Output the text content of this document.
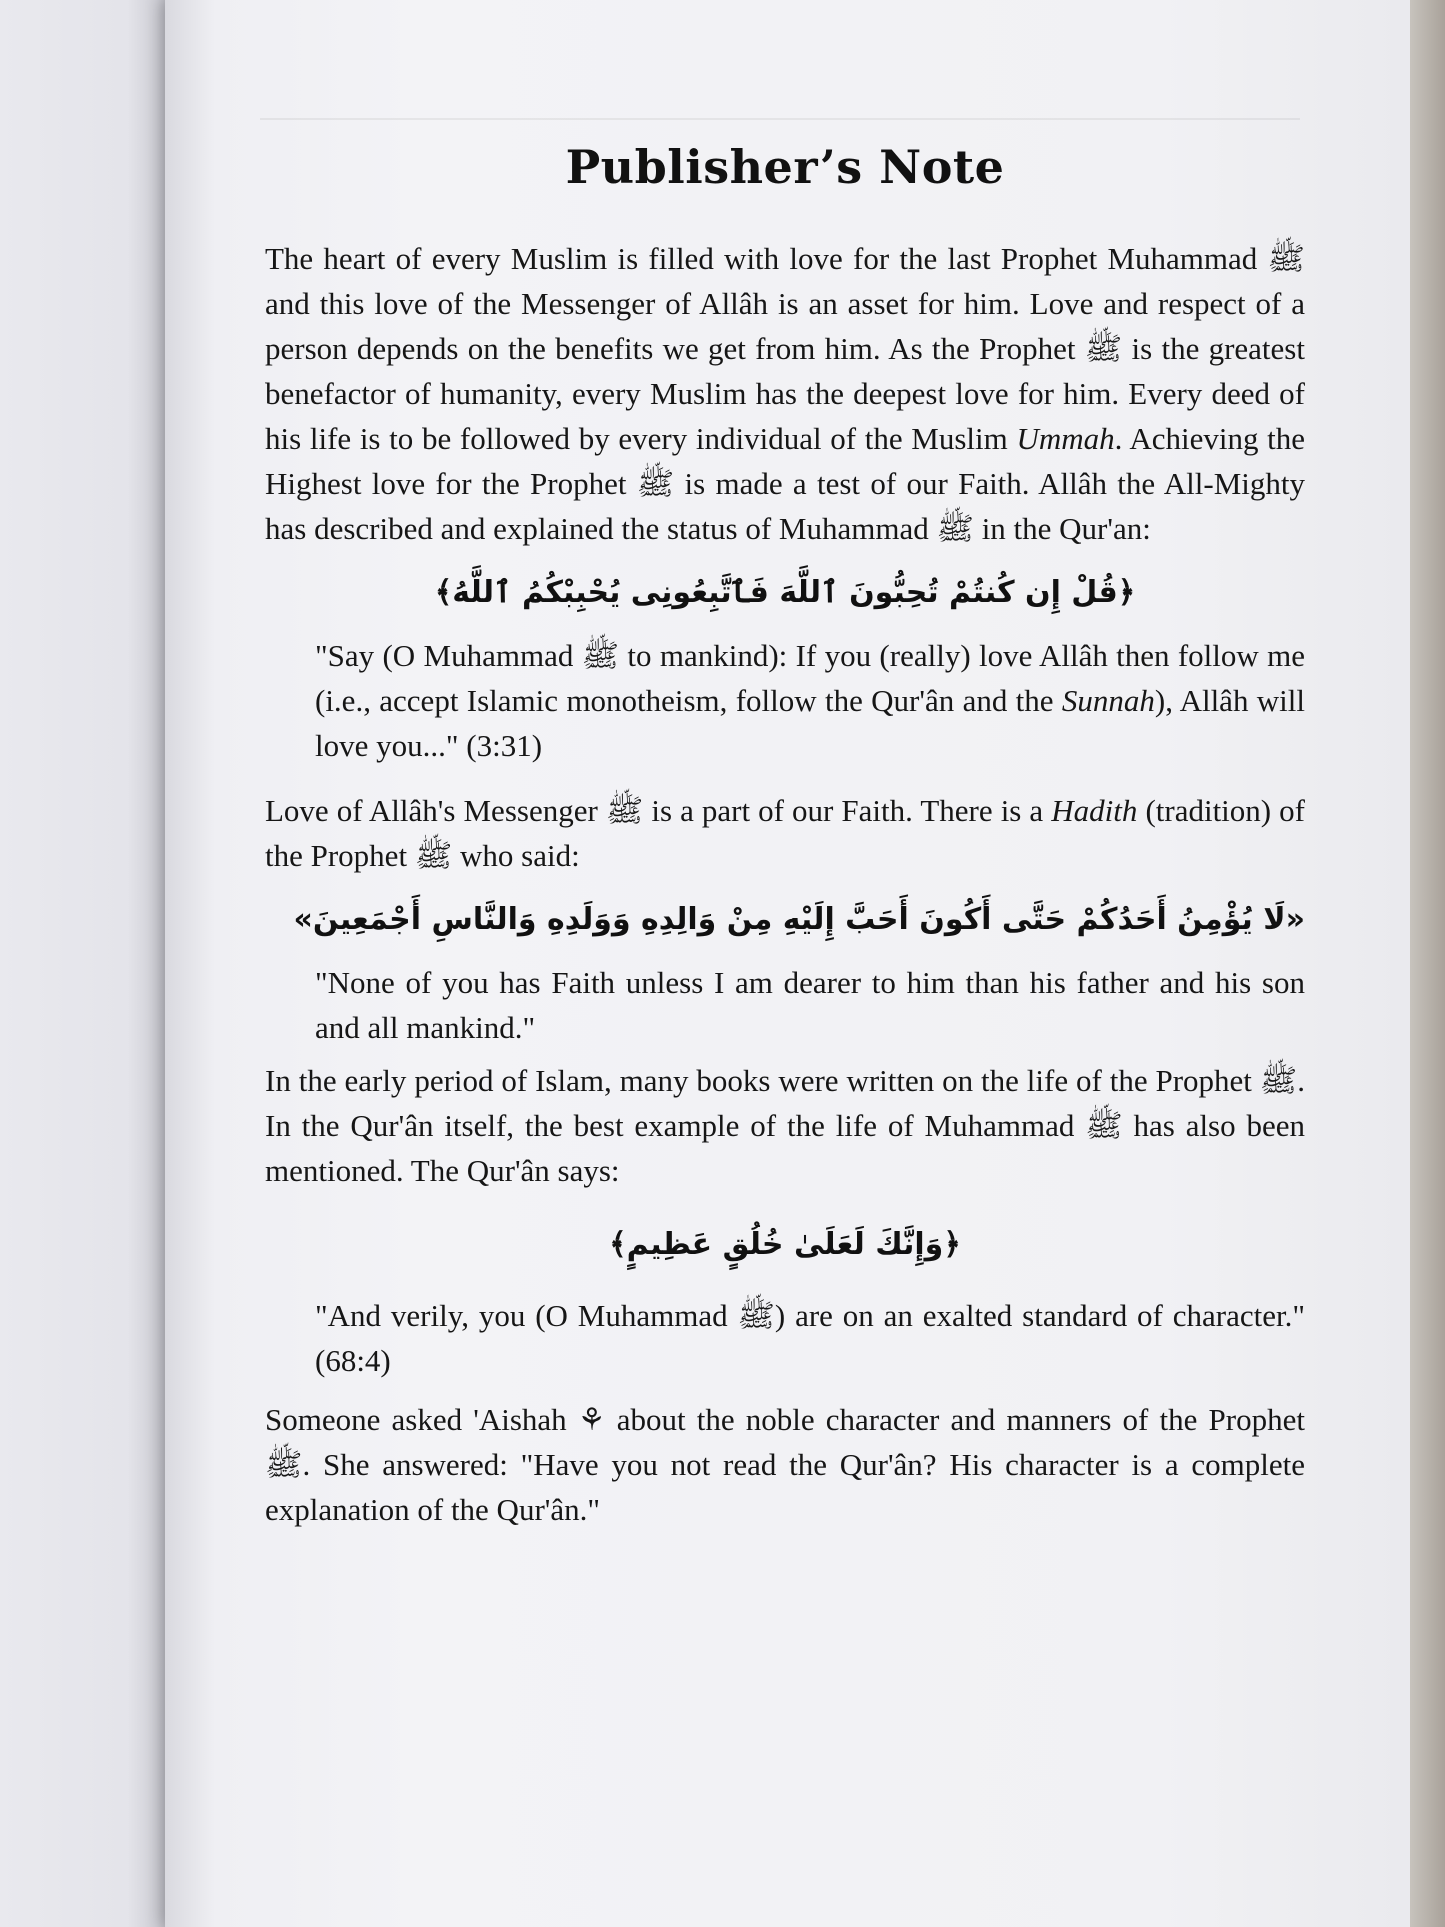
Publisher’s Note

The heart of every Muslim is filled with love for the last Prophet Muhammad ﷺ and this love of the Messenger of Allâh is an asset for him. Love and respect of a person depends on the benefits we get from him. As the Prophet ﷺ is the greatest benefactor of humanity, every Muslim has the deepest love for him. Every deed of his life is to be followed by every individual of the Muslim Ummah. Achieving the Highest love for the Prophet ﷺ is made a test of our Faith. Allâh the All-Mighty has described and explained the status of Muhammad ﷺ in the Qur'an:

﴿قُلْ إِن كُنتُمْ تُحِبُّونَ ٱللَّهَ فَٱتَّبِعُونِى يُحْبِبْكُمُ ٱللَّهُ﴾

"Say (O Muhammad ﷺ to mankind): If you (really) love Allâh then follow me (i.e., accept Islamic monotheism, follow the Qur'ân and the Sunnah), Allâh will love you..." (3:31)

Love of Allâh's Messenger ﷺ is a part of our Faith. There is a Hadith (tradition) of the Prophet ﷺ who said:

«لَا يُؤْمِنُ أَحَدُكُمْ حَتَّى أَكُونَ أَحَبَّ إِلَيْهِ مِنْ وَالِدِهِ وَوَلَدِهِ وَالنَّاسِ أَجْمَعِينَ»

"None of you has Faith unless I am dearer to him than his father and his son and all mankind."

In the early period of Islam, many books were written on the life of the Prophet ﷺ. In the Qur'ân itself, the best example of the life of Muhammad ﷺ has also been mentioned. The Qur'ân says:

﴿وَإِنَّكَ لَعَلَىٰ خُلُقٍ عَظِيمٍ﴾

"And verily, you (O Muhammad ﷺ) are on an exalted standard of character." (68:4)

Someone asked 'Aishah ⚘ about the noble character and manners of the Prophet ﷺ. She answered: "Have you not read the Qur'ân? His character is a complete explanation of the Qur'ân."
